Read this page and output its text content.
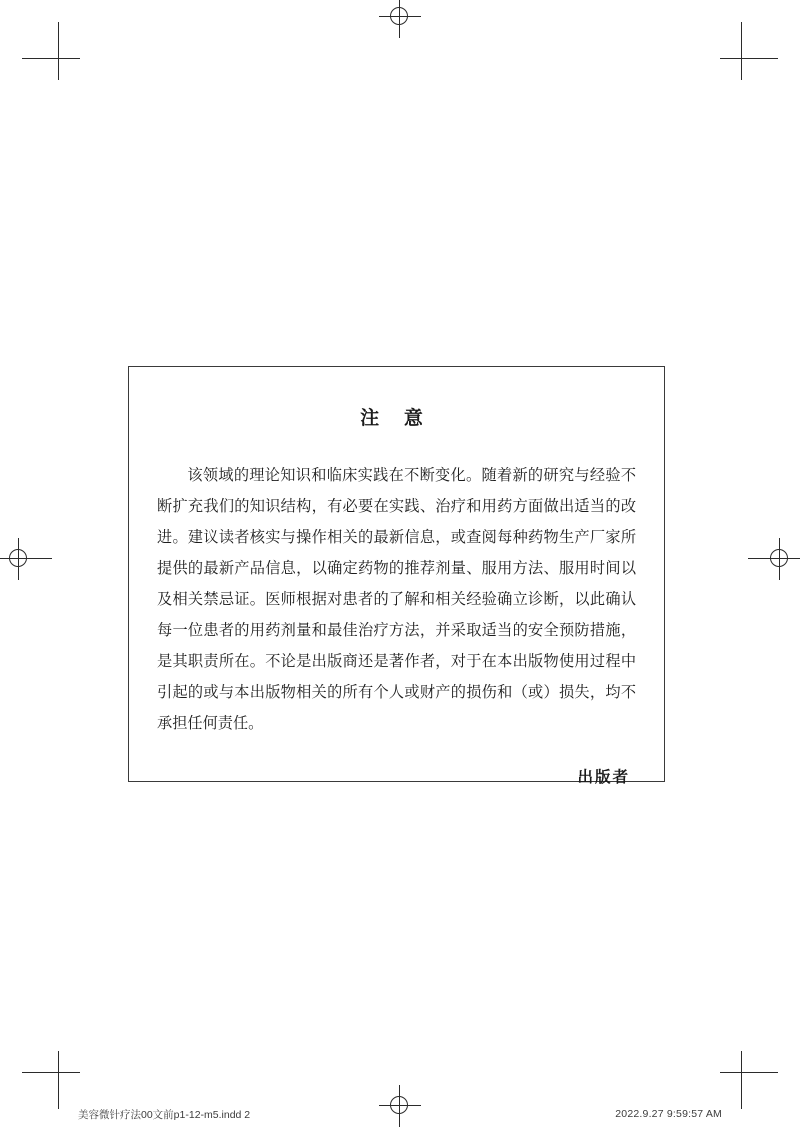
注 意
该领域的理论知识和临床实践在不断变化。随着新的研究与经验不断扩充我们的知识结构，有必要在实践、治疗和用药方面做出适当的改进。建议读者核实与操作相关的最新信息，或查阅每种药物生产厂家所提供的最新产品信息，以确定药物的推荐剂量、服用方法、服用时间以及相关禁忌证。医师根据对患者的了解和相关经验确立诊断，以此确认每一位患者的用药剂量和最佳治疗方法，并采取适当的安全预防措施，是其职责所在。不论是出版商还是著作者，对于在本出版物使用过程中引起的或与本出版物相关的所有个人或财产的损伤和（或）损失，均不承担任何责任。
出版者
美容微针疗法00文前p1-12-m5.indd 2	2022.9.27 9:59:57 AM
